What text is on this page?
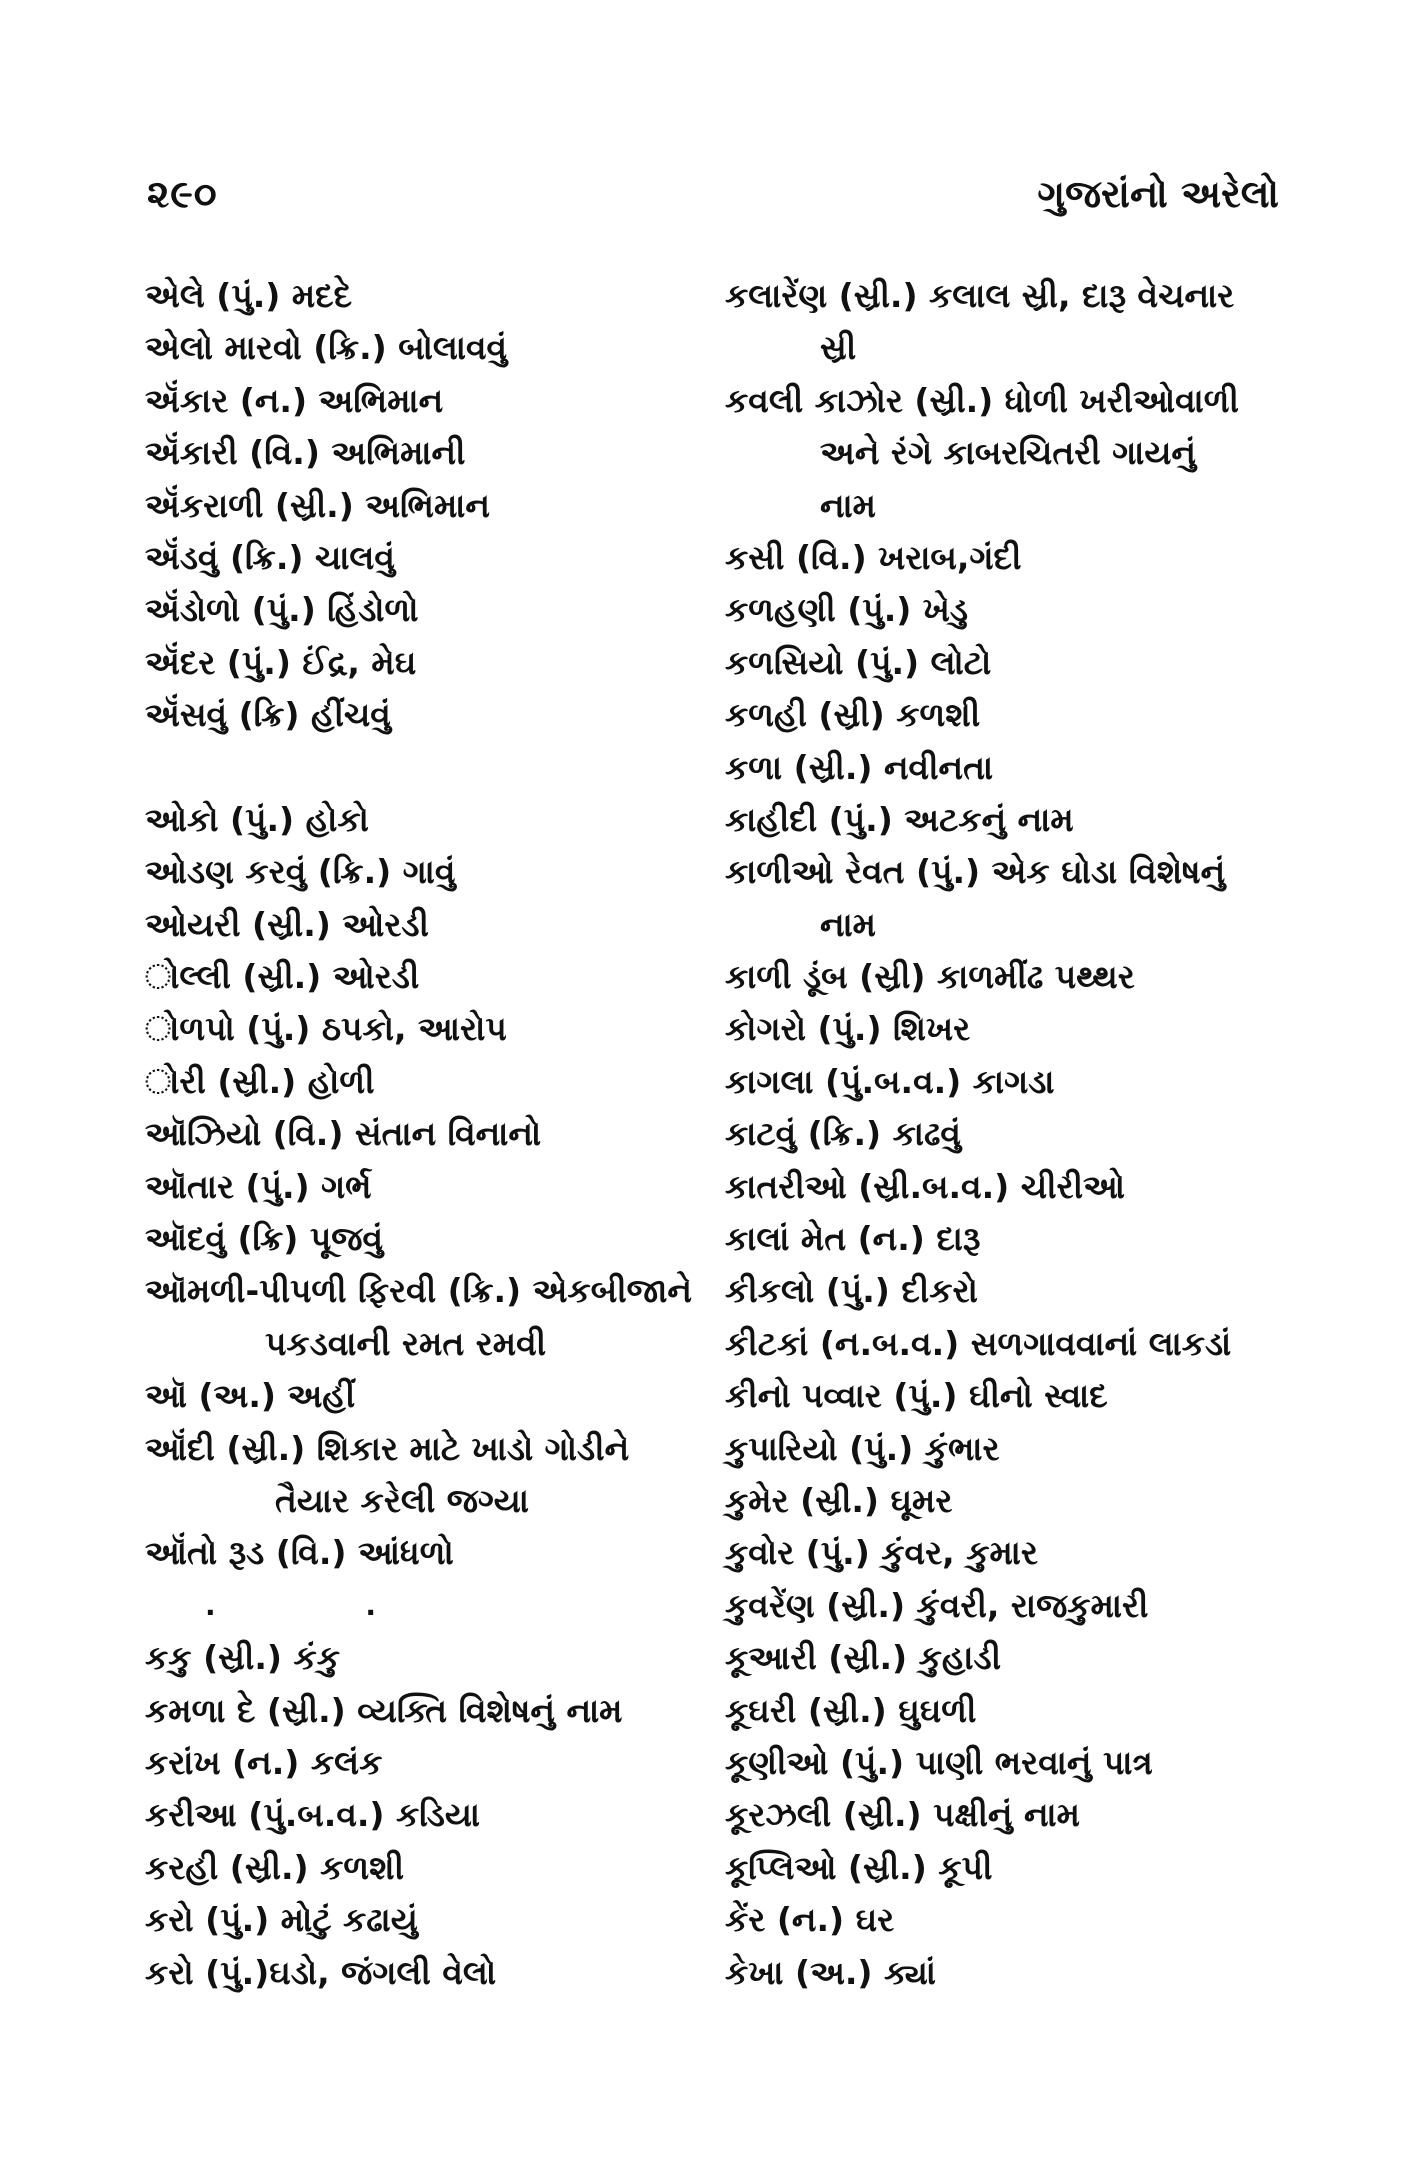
૨૯૦	ગુજરાંનો અરેલો
એલે (પું.) મદદે
એલો મારવો (ક્રિ.) બોલાવવું
ઍંકાર (ન.) અભિમાન
ઍંકારી (વિ.) અભિમાની
ઍંકરાળી (સ્રી.) અભિમાન
ઍંડવું (ક્રિ.) ચાલવું
ઍંડોળો (પું.) હિંડોળો
ઍંદર (પું.) ઈંદ્ર, મેઘ
ઍંસવું (ક્રિ) હીંચવું
ઓકો (પું.) હોકો
ઓડણ કરવું (ક્રિ.) ગાવું
ઓયરી (સ્રી.) ઓરડી
ોલ્લી (સ્રી.) ઓરડી
ોળપો (પું.) ઠપકો, આરોપ
ોરી (સ્રી.) હોળી
ઑઝિયો (વિ.) સંતાન વિનાનો
ઑતાર (પું.) ગર્ભ
ઑદવું (ક્રિ) પૂજવું
ઑમળી-પીપળી ફિરવી (ક્રિ.) એકબીજાને
પકડવાની રમત રમવી
ઑ (અ.) અહીં
ઑંદી (સ્રી.) શિકાર માટે ખાડો ગોડીને
તૈયાર કરેલી જગ્યા
ઑંતો રૂડ (વિ.) આંધળો
. .
કકુ (સ્રી.) કંકુ
કમળા દે (સ્રી.) વ્યક્તિ વિશેષનું નામ
કરાંખ (ન.) કલંક
કરીઆ (પું.બ.વ.) કડિયા
કરહી (સ્રી.) કળશી
કરો (પું.) મોટું કઢાયું
કરો (પું.)ઘડો, જંગલી વેલો
કલારેંણ (સ્રી.) કલાલ સ્રી, દારૂ વેચનાર
સ્રી
કવલી કાઝોર (સ્રી.) ધોળી ખરીઓવાળી
અને રંગે કાબરચિતરી ગાયનું
નામ
કસી (વિ.) ખરાબ,ગંદી
કળહણી (પું.) ખેડુ
કળસિયો (પું.) લોટો
કળહી (સ્રી) કળશી
કળા (સ્રી.) નવીનતા
કાહીદી (પું.) અટકનું નામ
કાળીઓ રેવત (પું.) એક ઘોડા વિશેષનું
નામ
કાળી ડૂંબ (સ્રી) કાળમીંઢ પથ્થર
કોગરો (પું.) શિખર
કાગલા (પું.બ.વ.) કાગડા
કાટવું (ક્રિ.) કાઢવું
કાતરીઓ (સ્રી.બ.વ.) ચીરીઓ
કાલાં મેત (ન.) દારૂ
કીકલો (પું.) દીકરો
કીટકાં (ન.બ.વ.) સળગાવવાનાં લાકડાં
કીનો પવ્વાર (પું.) ઘીનો સ્વાદ
કુપારિયો (પું.) કુંભાર
કુમેર (સ્રી.) ઘૂમર
કુવોર (પું.) કુંવર, કુમાર
કુવરેંણ (સ્રી.) કુંવરી, રાજકુમારી
કૂઆરી (સ્રી.) કુહાડી
કૂઘરી (સ્રી.) ઘુઘળી
કૂણીઓ (પું.) પાણી ભરવાનું પાત્ર
કૂરઝલી (સ્રી.) પક્ષીનું નામ
કૂપ્લિઓ (સ્રી.) કૂપી
કેંર (ન.) ઘર
કેખા (અ.) ક્યાં
